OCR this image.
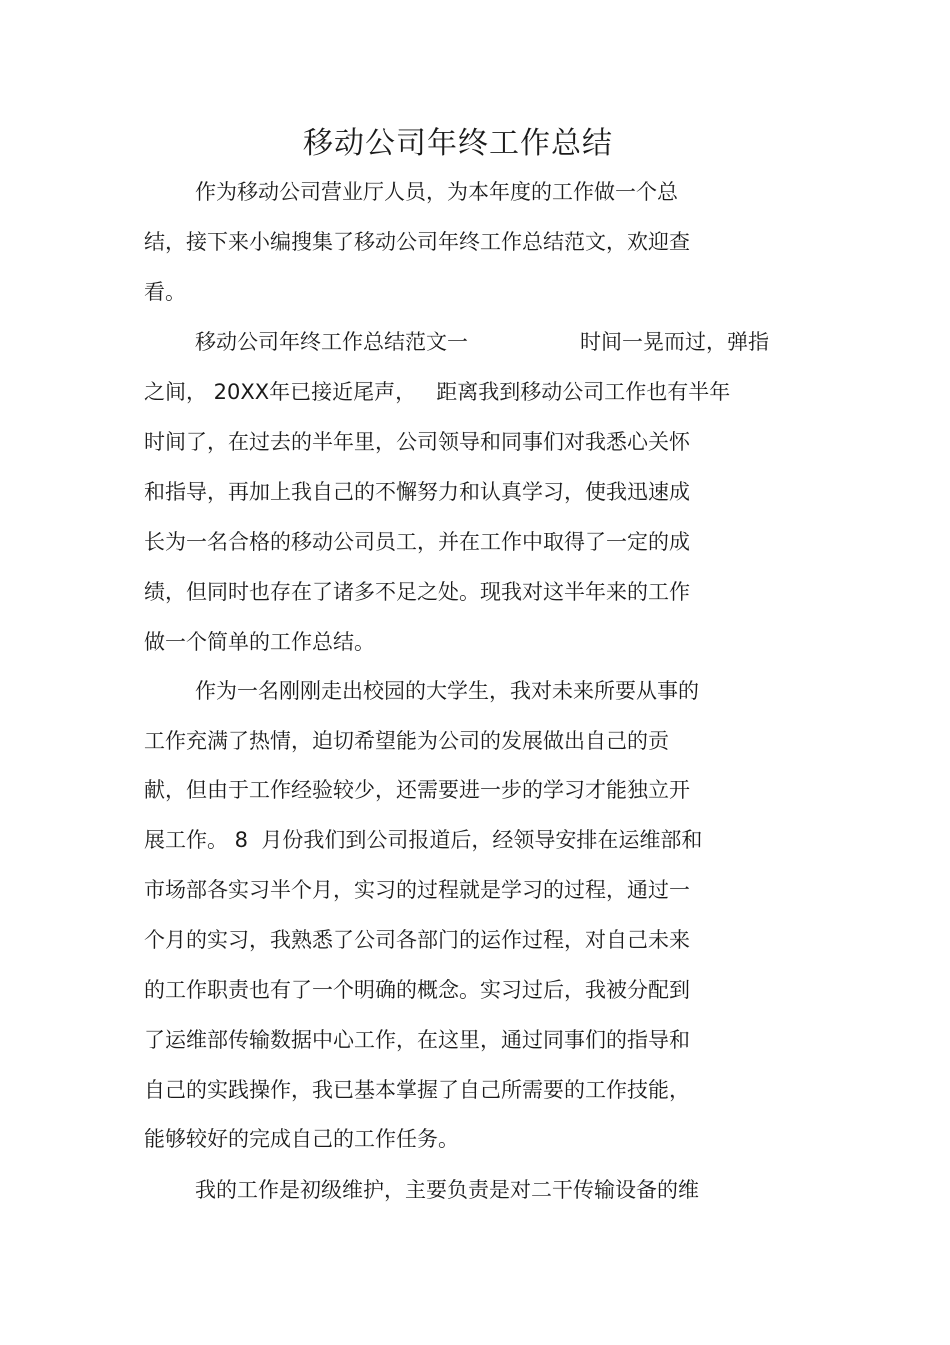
移动公司年终工作总结
作为移动公司营业厅人员，为本年度的工作做一个总
结，接下来小编搜集了移动公司年终工作总结范文，欢迎查
看。
移动公司年终工作总结范文一	时间一晃而过，弹指
之间， 20XX年已接近尾声，   距离我到移动公司工作也有半年
时间了，在过去的半年里，公司领导和同事们对我悉心关怀
和指导，再加上我自己的不懈努力和认真学习，使我迅速成
长为一名合格的移动公司员工，并在工作中取得了一定的成
绩，但同时也存在了诸多不足之处。现我对这半年来的工作
做一个简单的工作总结。
作为一名刚刚走出校园的大学生，我对未来所要从事的
工作充满了热情，迫切希望能为公司的发展做出自己的贡
献，但由于工作经验较少，还需要进一步的学习才能独立开
展工作。 8  月份我们到公司报道后，经领导安排在运维部和
市场部各实习半个月，实习的过程就是学习的过程，通过一
个月的实习，我熟悉了公司各部门的运作过程，对自己未来
的工作职责也有了一个明确的概念。实习过后，我被分配到
了运维部传输数据中心工作，在这里，通过同事们的指导和
自己的实践操作，我已基本掌握了自己所需要的工作技能，
能够较好的完成自己的工作任务。
我的工作是初级维护，主要负责是对二干传输设备的维
